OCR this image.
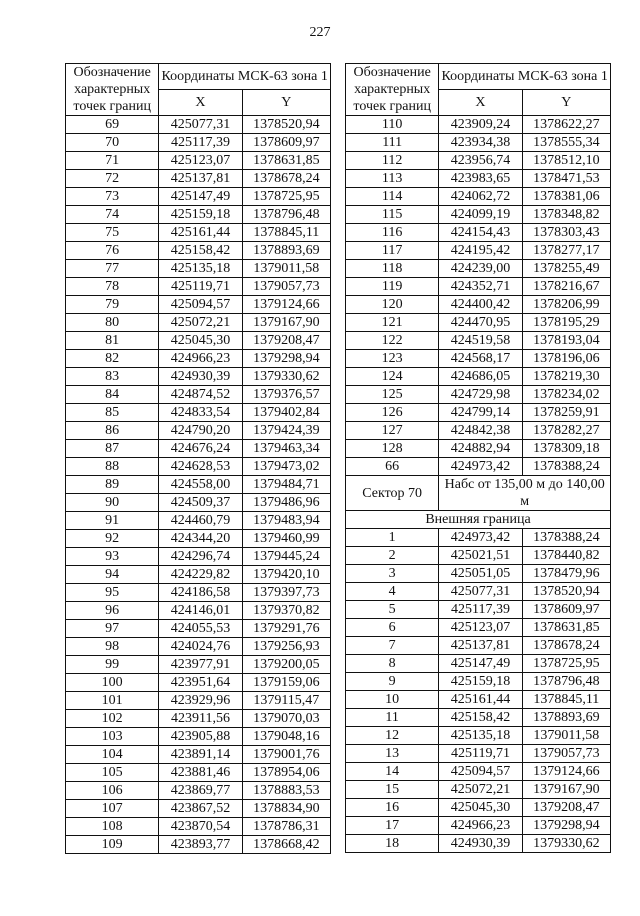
227
Обозначение характерных точек границ	Координаты МСК-63 зона 1	
	X	Y
69	425077,31	1378520,94
70	425117,39	1378609,97
71	425123,07	1378631,85
72	425137,81	1378678,24
73	425147,49	1378725,95
74	425159,18	1378796,48
75	425161,44	1378845,11
76	425158,42	1378893,69
77	425135,18	1379011,58
78	425119,71	1379057,73
79	425094,57	1379124,66
80	425072,21	1379167,90
81	425045,30	1379208,47
82	424966,23	1379298,94
83	424930,39	1379330,62
84	424874,52	1379376,57
85	424833,54	1379402,84
86	424790,20	1379424,39
87	424676,24	1379463,34
88	424628,53	1379473,02
89	424558,00	1379484,71
90	424509,37	1379486,96
91	424460,79	1379483,94
92	424344,20	1379460,99
93	424296,74	1379445,24
94	424229,82	1379420,10
95	424186,58	1379397,73
96	424146,01	1379370,82
97	424055,53	1379291,76
98	424024,76	1379256,93
99	423977,91	1379200,05
100	423951,64	1379159,06
101	423929,96	1379115,47
102	423911,56	1379070,03
103	423905,88	1379048,16
104	423891,14	1379001,76
105	423881,46	1378954,06
106	423869,77	1378883,53
107	423867,52	1378834,90
108	423870,54	1378786,31
109	423893,77	1378668,42
Обозначение характерных точек границ	Координаты МСК-63 зона 1	
	X	Y
110	423909,24	1378622,27
111	423934,38	1378555,34
112	423956,74	1378512,10
113	423983,65	1378471,53
114	424062,72	1378381,06
115	424099,19	1378348,82
116	424154,43	1378303,43
117	424195,42	1378277,17
118	424239,00	1378255,49
119	424352,71	1378216,67
120	424400,42	1378206,99
121	424470,95	1378195,29
122	424519,58	1378193,04
123	424568,17	1378196,06
124	424686,05	1378219,30
125	424729,98	1378234,02
126	424799,14	1378259,91
127	424842,38	1378282,27
128	424882,94	1378309,18
66	424973,42	1378388,24
Сектор 70	Набс от 135,00 м до 140,00 м	
Внешняя граница		
1	424973,42	1378388,24
2	425021,51	1378440,82
3	425051,05	1378479,96
4	425077,31	1378520,94
5	425117,39	1378609,97
6	425123,07	1378631,85
7	425137,81	1378678,24
8	425147,49	1378725,95
9	425159,18	1378796,48
10	425161,44	1378845,11
11	425158,42	1378893,69
12	425135,18	1379011,58
13	425119,71	1379057,73
14	425094,57	1379124,66
15	425072,21	1379167,90
16	425045,30	1379208,47
17	424966,23	1379298,94
18	424930,39	1379330,62
